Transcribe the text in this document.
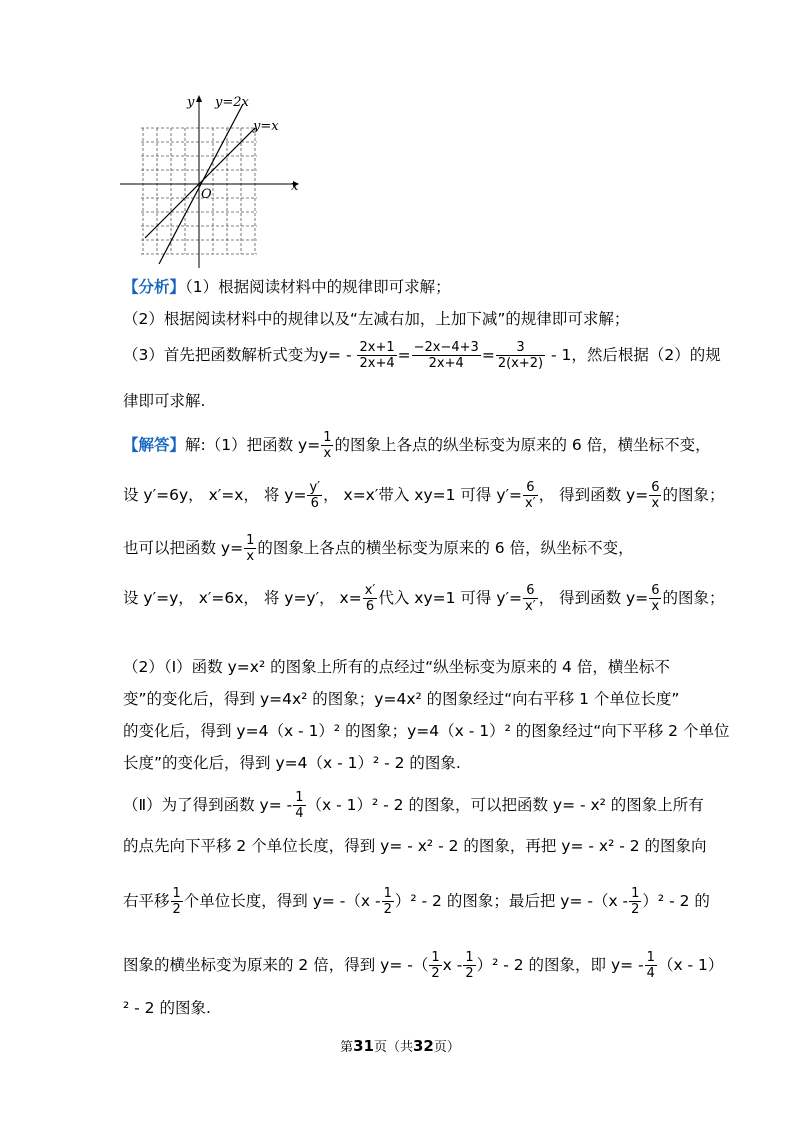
y
x
O
y=2x
y=x
【分析】（1）根据阅读材料中的规律即可求解；
（2）根据阅读材料中的规律以及“左减右加，上加下减”的规律即可求解；
（3）首先把函数解析式变为$y= - \frac{2x+1}{2x+4} = \frac{-2x-4+3}{2x+4} = \frac{3}{2(x+2)} - 1$，然后根据（2）的规
律即可求解.
【解答】解:（1）把函数 $y= \frac{1}{x}$ 的图象上各点的纵坐标变为原来的 6 倍，横坐标不变，
设 y′=6y， x′=x， 将 $y= \frac{y'}{6}$ ， x=x′带入 xy=1 可得 $y'= \frac{6}{x'}$ ， 得到函数 $y= \frac{6}{x}$ 的图象；
也可以把函数 $y= \frac{1}{x}$ 的图象上各点的横坐标变为原来的 6 倍，纵坐标不变，
设 y′=y， x′=6x， 将 y=y′， $x= \frac{x'}{6}$ 代入 xy=1 可得 $y'= \frac{6}{x'}$ ， 得到函数 $y= \frac{6}{x}$ 的图象；
（2）（Ⅰ）函数 y=x² 的图象上所有的点经过“纵坐标变为原来的 4 倍，横坐标不
变”的变化后，得到 y=4x² 的图象；y=4x² 的图象经过“向右平移 1 个单位长度”
的变化后，得到 y=4（x - 1）² 的图象；y=4（x - 1）² 的图象经过“向下平移 2 个单位
长度”的变化后，得到 y=4（x - 1）² - 2 的图象.
（Ⅱ）为了得到函数 $y= - \frac{1}{4} (x - 1)^2 - 2$ 的图象，可以把函数 y= - x² 的图象上所有
的点先向下平移 2 个单位长度，得到 y= - x² - 2 的图象，再把 y= - x² - 2 的图象向
右平移 $\frac{1}{2}$ 个单位长度，得到 $y= -(x - \frac{1}{2} )^2 - 2$ 的图象；最后把 $y= -(x - \frac{1}{2} )^2 - 2$ 的
图象的横坐标变为原来的 2 倍，得到 y= -（ $\frac{1}{2}$ x - $\frac{1}{2} )^2 - 2$ 的图象，即 $y= - \frac{1}{4} (x - 1)$
² - 2 的图象.
第31页（共32页）
